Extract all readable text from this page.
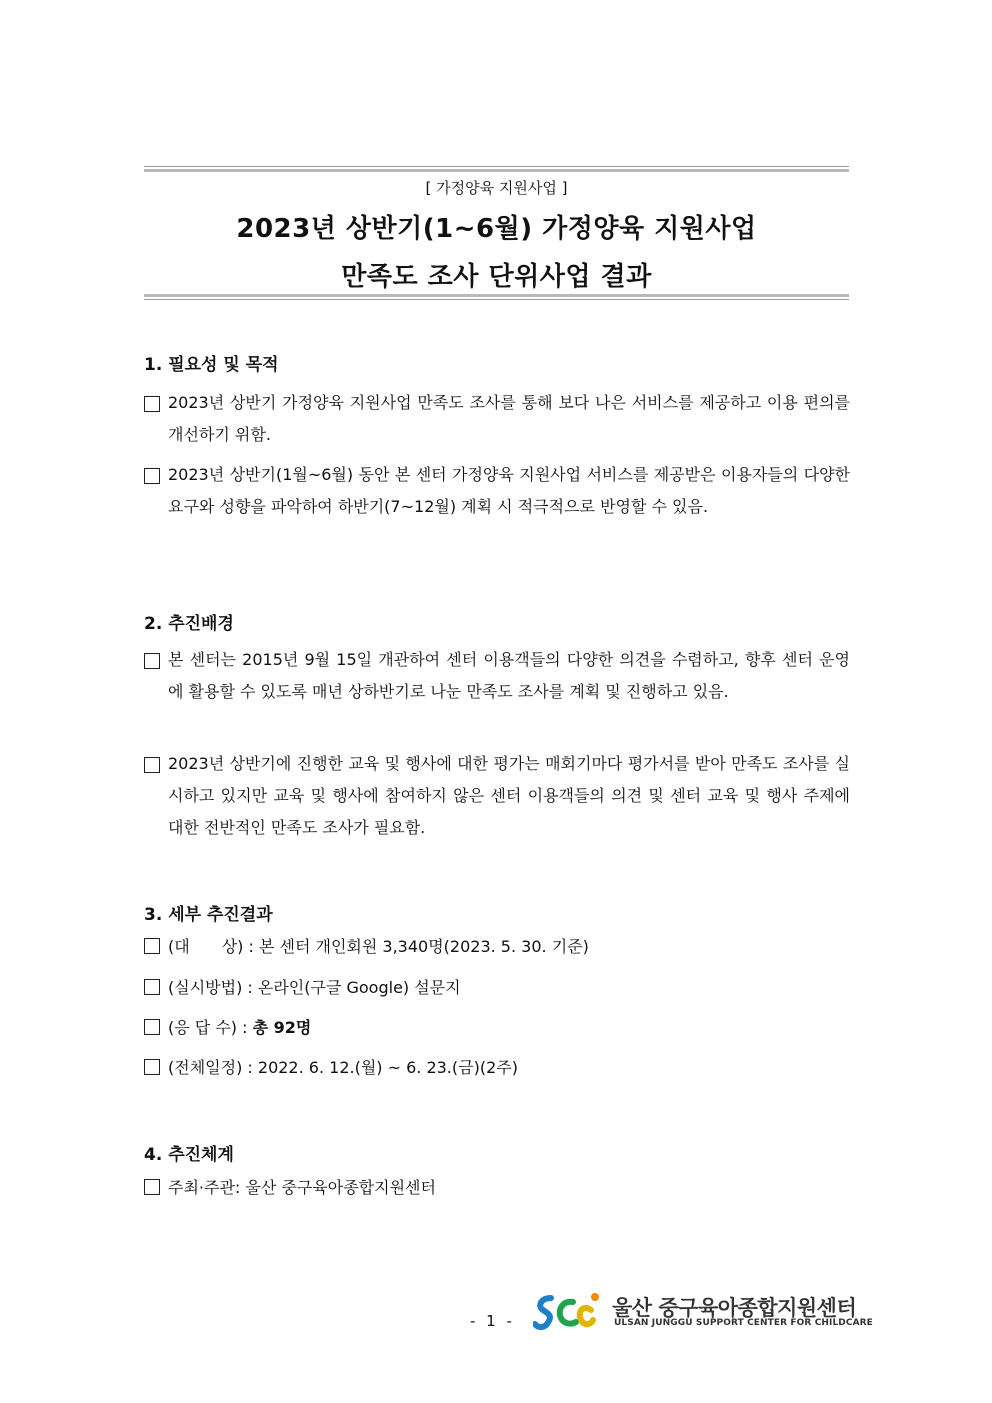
[ 가정양육 지원사업 ]
2023년 상반기(1~6월) 가정양육 지원사업
만족도 조사 단위사업 결과
1. 필요성 및 목적
2023년 상반기 가정양육 지원사업 만족도 조사를 통해 보다 나은 서비스를 제공하고 이용 편의를 개선하기 위함.
2023년 상반기(1월~6월) 동안 본 센터 가정양육 지원사업 서비스를 제공받은 이용자들의 다양한 요구와 성향을 파악하여 하반기(7~12월) 계획 시 적극적으로 반영할 수 있음.
2. 추진배경
본 센터는 2015년 9월 15일 개관하여 센터 이용객들의 다양한 의견을 수렴하고, 향후 센터 운영에 활용할 수 있도록 매년 상하반기로 나눈 만족도 조사를 계획 및 진행하고 있음.
2023년 상반기에 진행한 교육 및 행사에 대한 평가는 매회기마다 평가서를 받아 만족도 조사를 실시하고 있지만 교육 및 행사에 참여하지 않은 센터 이용객들의 의견 및 센터 교육 및 행사 주제에 대한 전반적인 만족도 조사가 필요함.
3. 세부 추진결과
(대　　상) : 본 센터 개인회원 3,340명(2023. 5. 30. 기준)
(실시방법) : 온라인(구글 Google) 설문지
(응 답 수) : 총 92명
(전체일정) : 2022. 6. 12.(월) ~ 6. 23.(금)(2주)
4. 추진체계
주최·주관: 울산 중구육아종합지원센터
- 1 -
울산 중구육아종합지원센터
ULSAN JUNGGU SUPPORT CENTER FOR CHILDCARE
